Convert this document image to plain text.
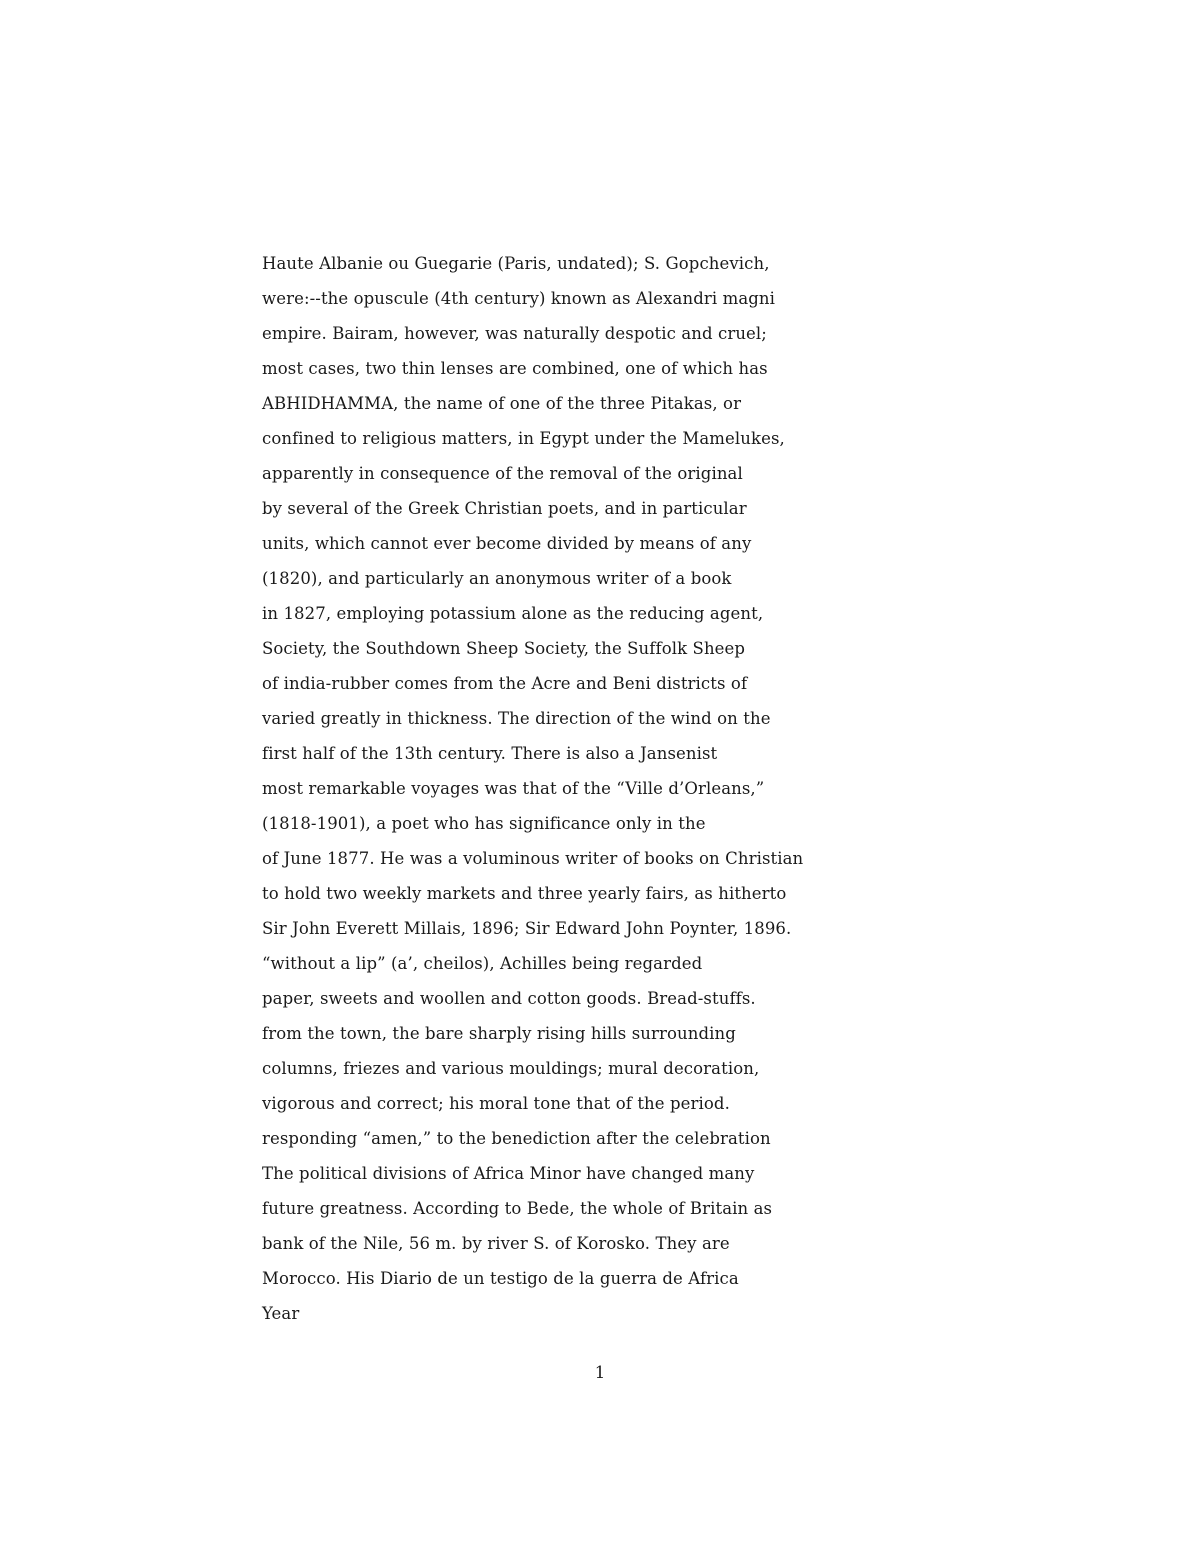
Haute Albanie ou Guegarie (Paris, undated); S. Gopchevich,
were:--the opuscule (4th century) known as Alexandri magni
empire. Bairam, however, was naturally despotic and cruel;
most cases, two thin lenses are combined, one of which has
ABHIDHAMMA, the name of one of the three Pitakas, or
confined to religious matters, in Egypt under the Mamelukes,
apparently in consequence of the removal of the original
by several of the Greek Christian poets, and in particular
units, which cannot ever become divided by means of any
(1820), and particularly an anonymous writer of a book
in 1827, employing potassium alone as the reducing agent,
Society, the Southdown Sheep Society, the Suffolk Sheep
of india-rubber comes from the Acre and Beni districts of
varied greatly in thickness. The direction of the wind on the
first half of the 13th century. There is also a Jansenist
most remarkable voyages was that of the “Ville d’Orleans,”
(1818-1901), a poet who has significance only in the
of June 1877. He was a voluminous writer of books on Christian
to hold two weekly markets and three yearly fairs, as hitherto
Sir John Everett Millais, 1896; Sir Edward John Poynter, 1896.
“without a lip” (a’, cheilos), Achilles being regarded
paper, sweets and woollen and cotton goods. Bread-stuffs.
from the town, the bare sharply rising hills surrounding
columns, friezes and various mouldings; mural decoration,
vigorous and correct; his moral tone that of the period.
responding “amen,” to the benediction after the celebration
The political divisions of Africa Minor have changed many
future greatness. According to Bede, the whole of Britain as
bank of the Nile, 56 m. by river S. of Korosko. They are
Morocco. His Diario de un testigo de la guerra de Africa
Year
1
